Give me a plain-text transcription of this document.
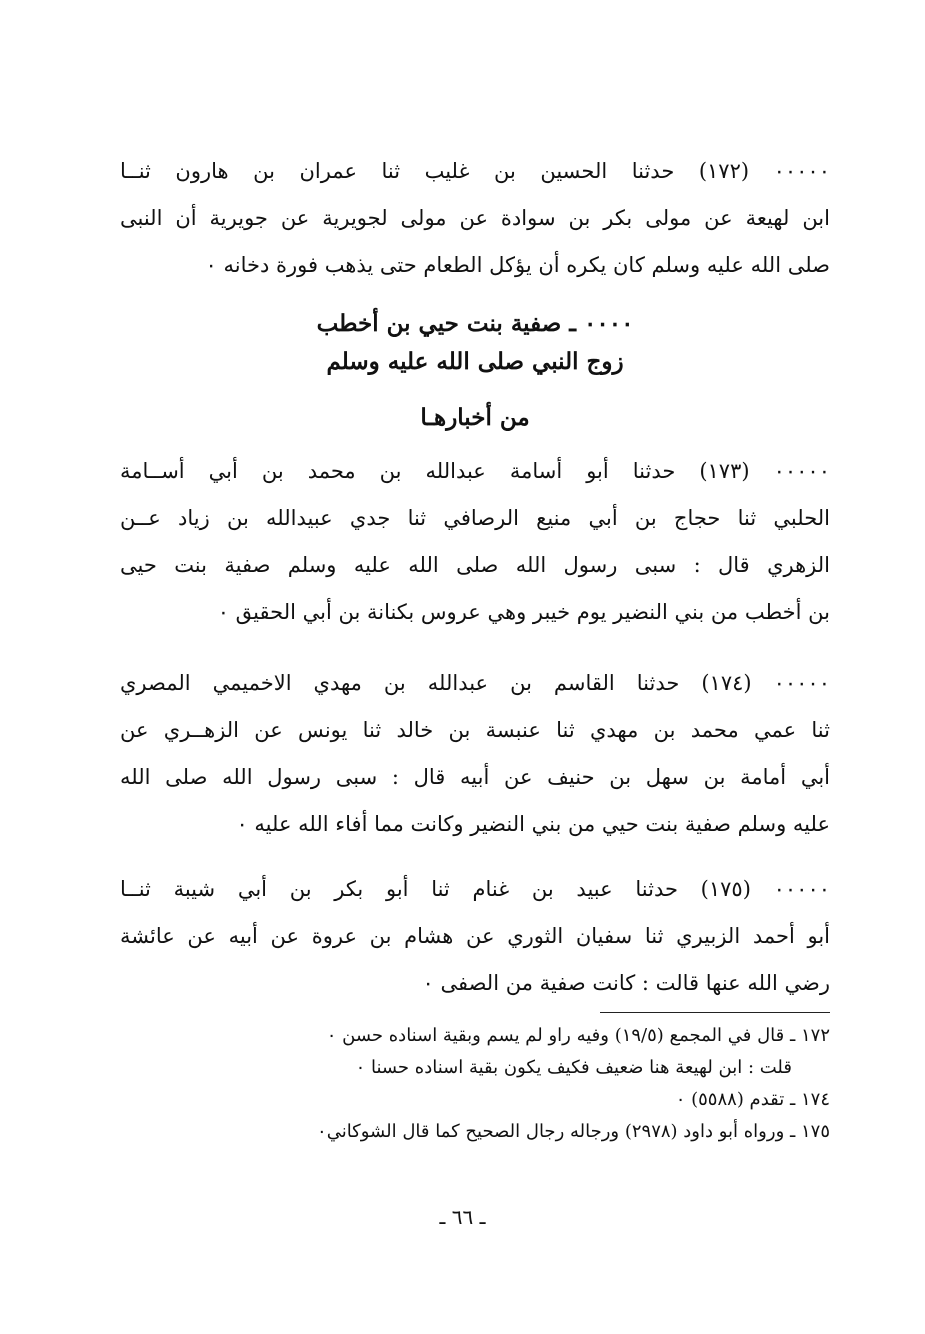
٠٠٠٠٠ (١٧٢) حدثنا الحسين بن غليب ثنا عمران بن هارون ثنــا
ابن لهيعة عن مولى بكر بن سوادة عن مولى لجويرية عن جويرية أن النبى
صلى الله عليه وسلم كان يكره أن يؤكل الطعام حتى يذهب فورة دخانه ٠
٠٠٠٠ ـ صفية بنت حيي بن أخطب
زوج النبي صلى الله عليه وسلم
من أخبارهـا
٠٠٠٠٠ (١٧٣) حدثنا أبو أسامة عبدالله بن محمد بن أبي أســامة
الحلبي ثنا حجاج بن أبي منيع الرصافي ثنا جدي عبيدالله بن زياد عــن
الزهري قال : سبى رسول الله صلى الله عليه وسلم صفية بنت حيى
بن أخطب من بني النضير يوم خيبر وهي عروس بكنانة بن أبي الحقيق ٠
٠٠٠٠٠ (١٧٤) حدثنا القاسم بن عبدالله بن مهدي الاخميمي المصري
ثنا عمي محمد بن مهدي ثنا عنبسة بن خالد ثنا يونس عن الزهــري عن
أبي أمامة بن سهل بن حنيف عن أبيه قال : سبى رسول الله صلى الله
عليه وسلم صفية بنت حيي من بني النضير وكانت مما أفاء الله عليه ٠
٠٠٠٠٠ (١٧٥) حدثنا عبيد بن غنام ثنا أبو بكر بن أبي شيبة ثنــا
أبو أحمد الزبيري ثنا سفيان الثوري عن هشام بن عروة عن أبيه عن عائشة
رضي الله عنها قالت : كانت صفية من الصفى ٠
١٧٢ ـ قال في المجمع (١٩/٥) وفيه راو لم يسم وبقية اسناده حسن ٠
قلت : ابن لهيعة هنا ضعيف فكيف يكون بقية اسناده حسنا ٠
١٧٤ ـ تقدم (٥٥٨٨) ٠
١٧٥ ـ ورواه أبو داود (٢٩٧٨) ورجاله رجال الصحيح كما قال الشوكاني٠
ـ ٦٦ ـ
